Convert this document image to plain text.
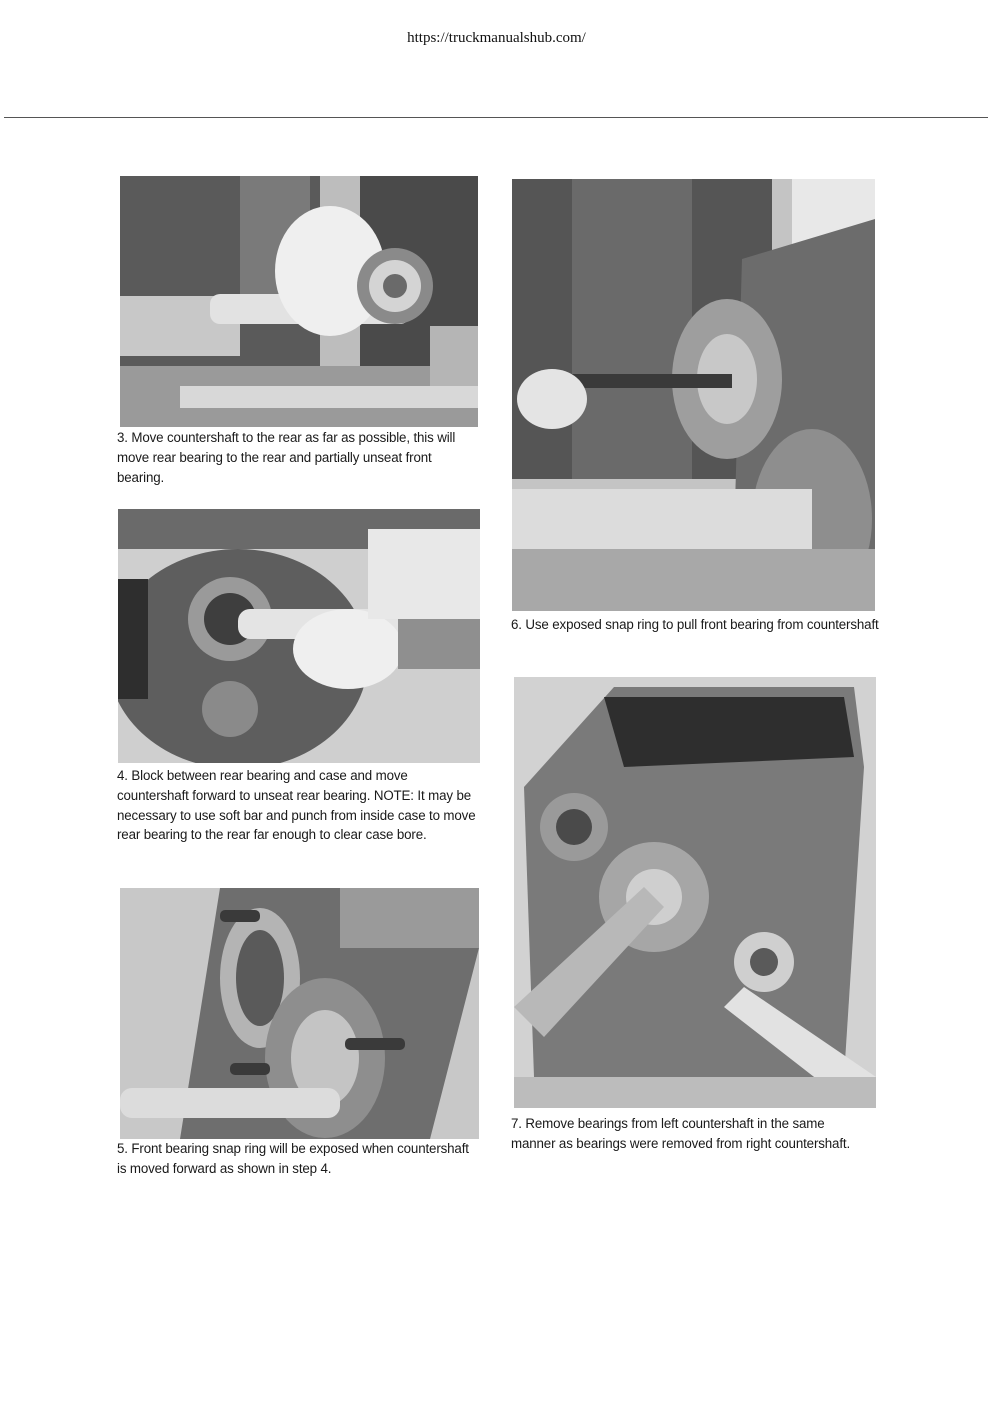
https://truckmanualshub.com/
3. Move countershaft to the rear as far as possible, this will move rear bearing to the rear and partially unseat front bearing.
4. Block between rear bearing and case and move countershaft forward to unseat rear bearing. NOTE: It may be necessary to use soft bar and punch from inside case to move rear bearing to the rear far enough to clear case bore.
5. Front bearing snap ring will be exposed when countershaft is moved forward as shown in step 4.
6. Use exposed snap ring to pull front bearing from countershaft
7. Remove bearings from left countershaft in the same manner as bearings were removed from right countershaft.
